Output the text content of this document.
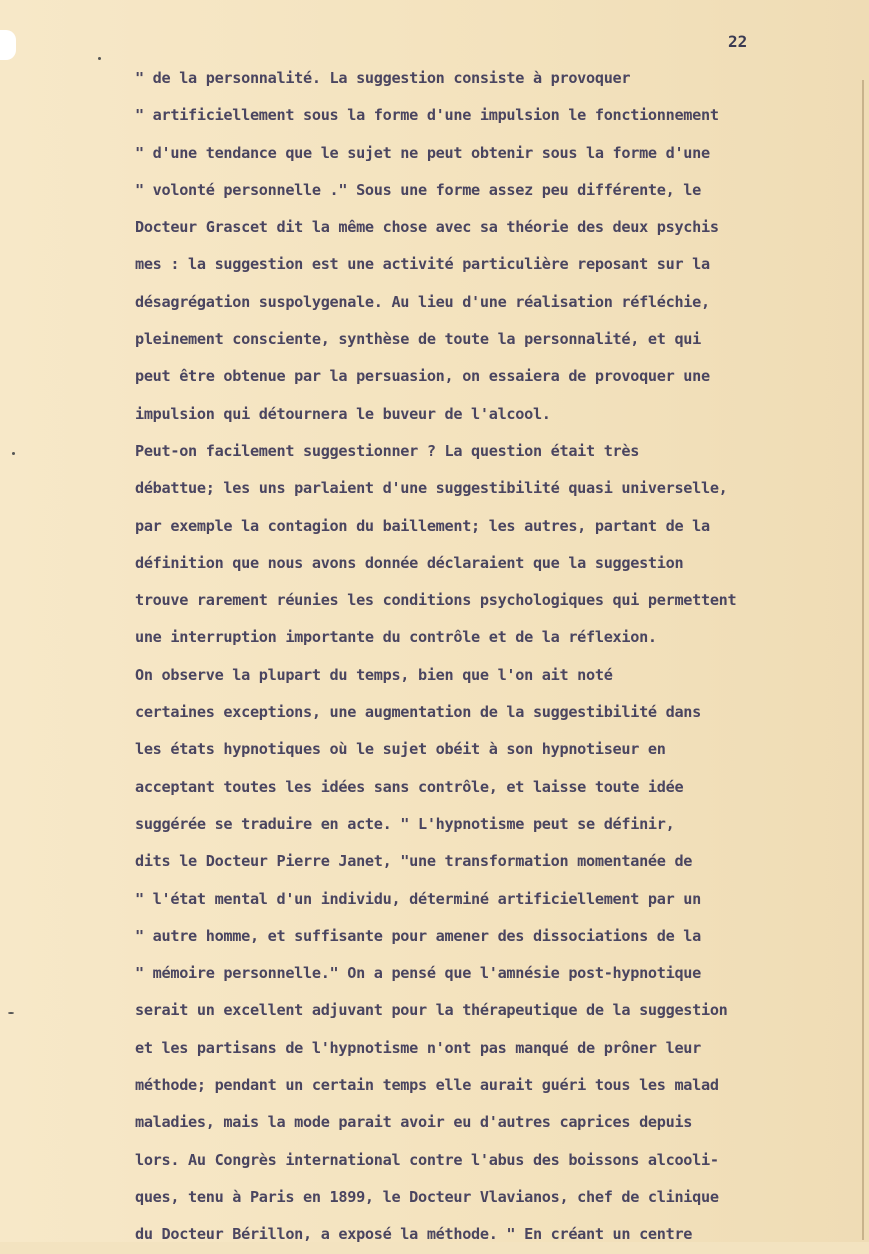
22
" de la personnalité. La suggestion consiste à provoquer
" artificiellement sous la forme d'une impulsion le fonctionnement
" d'une tendance que le sujet ne peut obtenir sous la forme d'une
" volonté personnelle ." Sous une forme assez peu différente, le
Docteur Grascet dit la même chose avec sa théorie des deux psychis
mes : la suggestion est une activité particulière reposant sur la
désagrégation suspolygenale. Au lieu d'une réalisation réfléchie,
pleinement consciente, synthèse de toute la personnalité, et qui
peut être obtenue par la persuasion, on essaiera de provoquer une
impulsion qui détournera le buveur de l'alcool.
Peut-on facilement suggestionner ? La question était très
débattue; les uns parlaient d'une suggestibilité quasi universelle,
par exemple la contagion du baillement; les autres, partant de la
définition que nous avons donnée déclaraient que la suggestion
trouve rarement réunies les conditions psychologiques qui permettent
une interruption importante du contrôle et de la réflexion.
On observe la plupart du temps, bien que l'on ait noté
certaines exceptions, une augmentation de la suggestibilité dans
les états hypnotiques où le sujet obéit à son hypnotiseur en
acceptant toutes les idées sans contrôle, et laisse toute idée
suggérée se traduire en acte. " L'hypnotisme peut se définir,
dits le Docteur Pierre Janet, "une transformation momentanée de
" l'état mental d'un individu, déterminé artificiellement par un
" autre homme, et suffisante pour amener des dissociations de la
" mémoire personnelle." On a pensé que l'amnésie post-hypnotique
serait un excellent adjuvant pour la thérapeutique de la suggestion
et les partisans de l'hypnotisme n'ont pas manqué de prôner leur
méthode; pendant un certain temps elle aurait guéri tous les malad
maladies, mais la mode parait avoir eu d'autres caprices depuis
lors. Au Congrès international contre l'abus des boissons alcooli-
ques, tenu à Paris en 1899, le Docteur Vlavianos, chef de clinique
du Docteur Bérillon, a exposé la méthode. " En créant un centre
